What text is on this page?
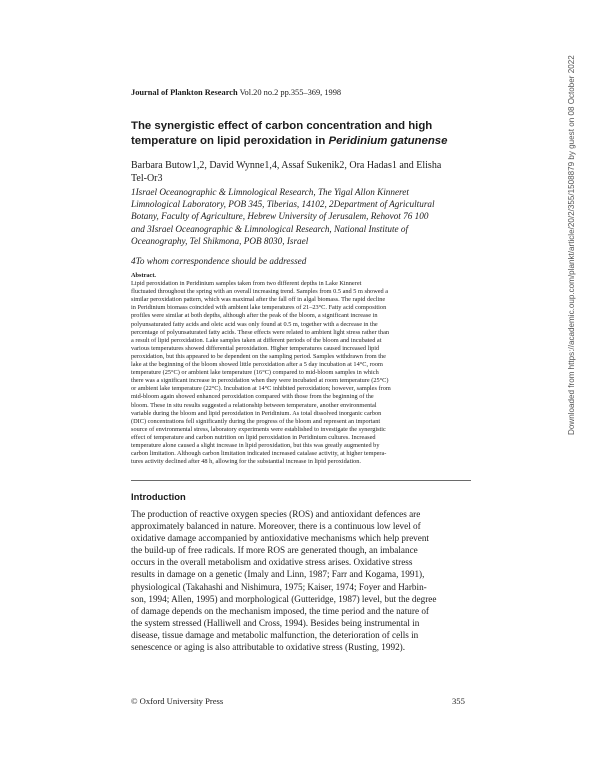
Journal of Plankton Research Vol.20 no.2 pp.355–369, 1998
The synergistic effect of carbon concentration and high
temperature on lipid peroxidation in Peridinium gatunense
Barbara Butow1,2, David Wynne1,4, Assaf Sukenik2, Ora Hadas1 and Elisha
Tel-Or3
1Israel Oceanographic & Limnological Research, The Yigal Allon Kinneret
Limnological Laboratory, POB 345, Tiberias, 14102, 2Department of Agricultural
Botany, Faculty of Agriculture, Hebrew University of Jerusalem, Rehovot 76 100
and 3Israel Oceanographic & Limnological Research, National Institute of
Oceanography, Tel Shikmona, POB 8030, Israel
4To whom correspondence should be addressed
Abstract.
Lipid peroxidation in Peridinium samples taken from two different depths in Lake Kinneret
fluctuated throughout the spring with an overall increasing trend. Samples from 0.5 and 5 m showed a
similar peroxidation pattern, which was maximal after the fall off in algal biomass. The rapid decline
in Peridinium biomass coincided with ambient lake temperatures of 21–23°C. Fatty acid composition
profiles were similar at both depths, although after the peak of the bloom, a significant increase in
polyunsaturated fatty acids and oleic acid was only found at 0.5 m, together with a decrease in the
percentage of polyunsaturated fatty acids. These effects were related to ambient light stress rather than
a result of lipid peroxidation. Lake samples taken at different periods of the bloom and incubated at
various temperatures showed differential peroxidation. Higher temperatures caused increased lipid
peroxidation, but this appeared to be dependent on the sampling period. Samples withdrawn from the
lake at the beginning of the bloom showed little peroxidation after a 5 day incubation at 14°C, room
temperature (25°C) or ambient lake temperature (16°C) compared to mid-bloom samples in which
there was a significant increase in peroxidation when they were incubated at room temperature (25°C)
or ambient lake temperature (22°C). Incubation at 14°C inhibited peroxidation; however, samples from
mid-bloom again showed enhanced peroxidation compared with those from the beginning of the
bloom. These in situ results suggested a relationship between temperature, another environmental
variable during the bloom and lipid peroxidation in Peridinium. As total dissolved inorganic carbon
(DIC) concentrations fell significantly during the progress of the bloom and represent an important
source of environmental stress, laboratory experiments were established to investigate the synergistic
effect of temperature and carbon nutrition on lipid peroxidation in Peridinium cultures. Increased
temperature alone caused a slight increase in lipid peroxidation, but this was greatly augmented by
carbon limitation. Although carbon limitation indicated increased catalase activity, at higher tempera-
tures activity declined after 48 h, allowing for the substantial increase in lipid peroxidation.
Introduction
The production of reactive oxygen species (ROS) and antioxidant defences are
approximately balanced in nature. Moreover, there is a continuous low level of
oxidative damage accompanied by antioxidative mechanisms which help prevent
the build-up of free radicals. If more ROS are generated though, an imbalance
occurs in the overall metabolism and oxidative stress arises. Oxidative stress
results in damage on a genetic (Imaly and Linn, 1987; Farr and Kogama, 1991),
physiological (Takahashi and Nishimura, 1975; Kaiser, 1974; Foyer and Harbin-
son, 1994; Allen, 1995) and morphological (Gutteridge, 1987) level, but the degree
of damage depends on the mechanism imposed, the time period and the nature of
the system stressed (Halliwell and Cross, 1994). Besides being instrumental in
disease, tissue damage and metabolic malfunction, the deterioration of cells in
senescence or aging is also attributable to oxidative stress (Rusting, 1992).
© Oxford University Press	355
Downloaded from https://academic.oup.com/plankt/article/20/2/355/1508879 by guest on 08 October 2022
